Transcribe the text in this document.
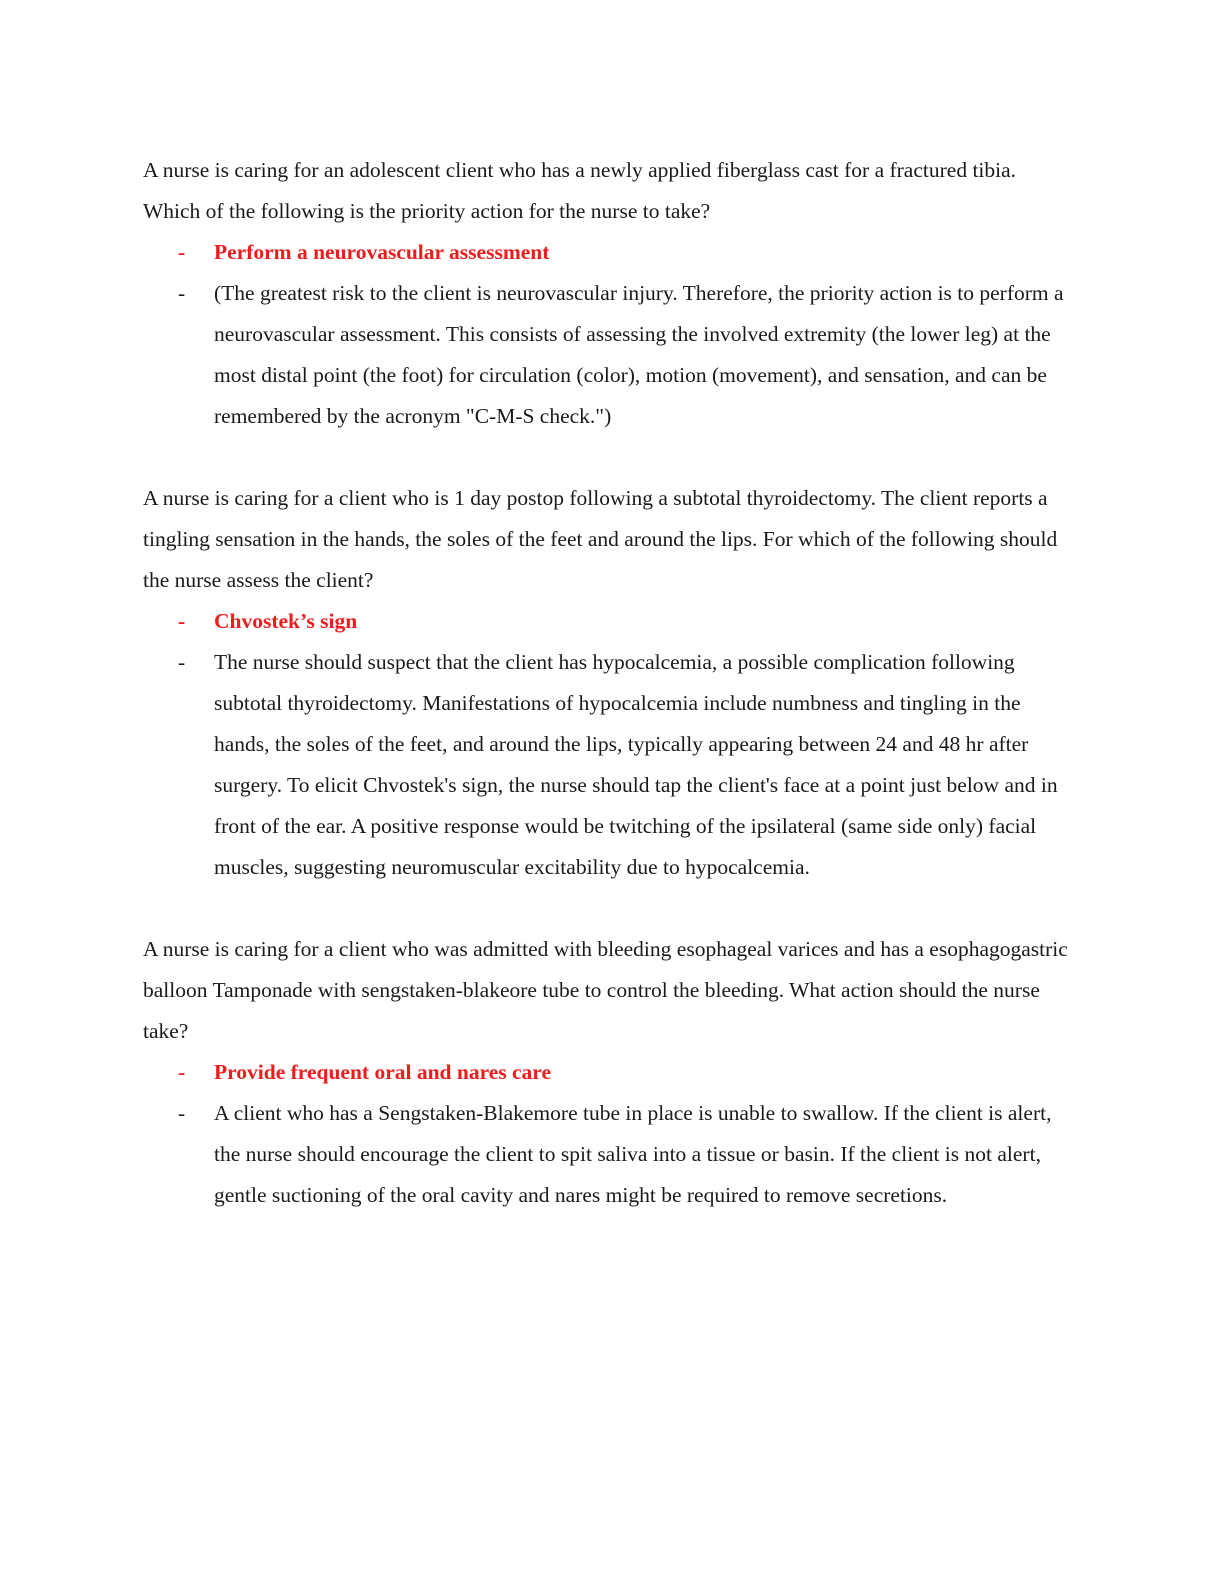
A nurse is caring for an adolescent client who has a newly applied fiberglass cast for a fractured tibia. Which of the following is the priority action for the nurse to take?

- Perform a neurovascular assessment
- (The greatest risk to the client is neurovascular injury. Therefore, the priority action is to perform a neurovascular assessment. This consists of assessing the involved extremity (the lower leg) at the most distal point (the foot) for circulation (color), motion (movement), and sensation, and can be remembered by the acronym "C-M-S check.")

A nurse is caring for a client who is 1 day postop following a subtotal thyroidectomy. The client reports a tingling sensation in the hands, the soles of the feet and around the lips. For which of the following should the nurse assess the client?

- Chvostek’s sign
- The nurse should suspect that the client has hypocalcemia, a possible complication following subtotal thyroidectomy. Manifestations of hypocalcemia include numbness and tingling in the hands, the soles of the feet, and around the lips, typically appearing between 24 and 48 hr after surgery. To elicit Chvostek's sign, the nurse should tap the client's face at a point just below and in front of the ear. A positive response would be twitching of the ipsilateral (same side only) facial muscles, suggesting neuromuscular excitability due to hypocalcemia.

A nurse is caring for a client who was admitted with bleeding esophageal varices and has a esophagogastric balloon Tamponade with sengstaken-blakeore tube to control the bleeding. What action should the nurse take?

- Provide frequent oral and nares care
- A client who has a Sengstaken-Blakemore tube in place is unable to swallow. If the client is alert, the nurse should encourage the client to spit saliva into a tissue or basin. If the client is not alert, gentle suctioning of the oral cavity and nares might be required to remove secretions.
